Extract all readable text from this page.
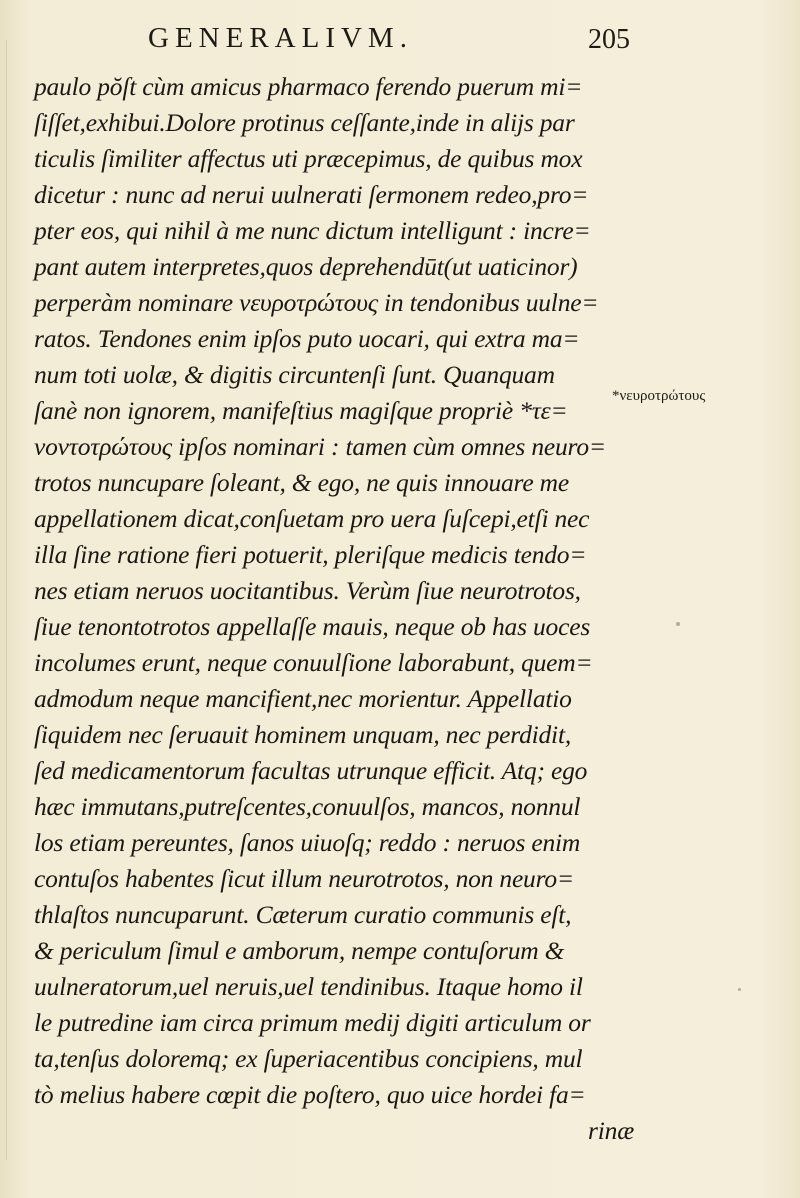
GENERALIVM.	205
paulo pŏſt cùm amicus pharmaco ferendo puerum mi=
ſiſſet,exhibui.Dolore protinus ceſſante,inde in alijs par
ticulis ſimiliter affectus uti præcepimus, de quibus mox
dicetur : nunc ad nerui uulnerati ſermonem redeo,pro=
pter eos, qui nihil à me nunc dictum intelligunt : incre=
pant autem interpretes,quos deprehendūt(ut uaticinor)
perperàm nominare νευροτρώτους in tendonibus uulne=
ratos. Tendones enim ipſos puto uocari, qui extra ma=
num toti uolæ, & digitis circuntenſi ſunt. Quanquam
ſanè non ignorem, manifeſtius magiſque propriè *τε=
νοντοτρώτους ipſos nominari : tamen cùm omnes neuro=
trotos nuncupare ſoleant, & ego, ne quis innouare me
appellationem dicat,conſuetam pro uera ſuſcepi,etſi nec
illa ſine ratione fieri potuerit, pleriſque medicis tendo=
nes etiam neruos uocitantibus. Verùm ſiue neurotrotos,
ſiue tenontotrotos appellaſſe mauis, neque ob has uoces
incolumes erunt, neque conuulſione laborabunt, quem=
admodum neque mancifient,nec morientur. Appellatio
ſiquidem nec ſeruauit hominem unquam, nec perdidit,
ſed medicamentorum facultas utrunque efficit. Atq; ego
hæc immutans,putreſcentes,conuulſos, mancos, nonnul
los etiam pereuntes, ſanos uiuoſq; reddo : neruos enim
contuſos habentes ſicut illum neurotrotos, non neuro=
thlaſtos nuncuparunt. Cæterum curatio communis eſt,
& periculum ſimul e amborum, nempe contuſorum &
uulneratorum,uel neruis,uel tendinibus. Itaque homo il
le putredine iam circa primum medij digiti articulum or
ta,tenſus doloremq; ex ſuperiacentibus concipiens, mul
tò melius habere cœpit die poſtero, quo uice hordei fa=
rinæ
*νευροτρώτους
